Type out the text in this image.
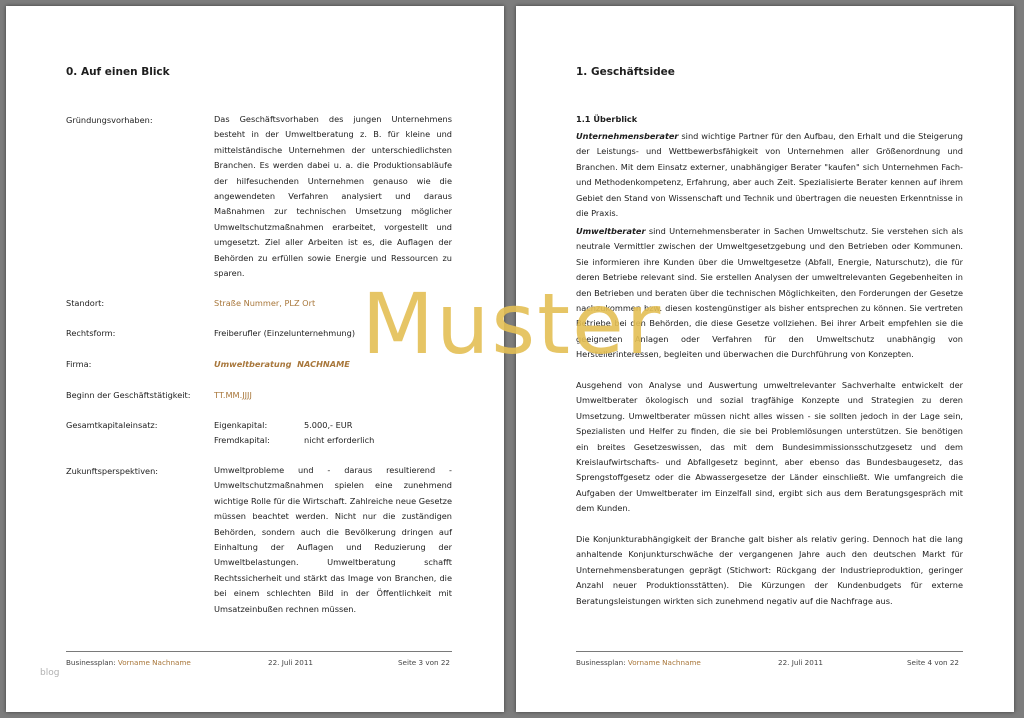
0. Auf einen Blick
Gründungsvorhaben:	Das Geschäftsvorhaben des jungen Unternehmens besteht in der Umweltberatung z. B. für kleine und mittelständische Unternehmen der unterschiedlichsten Branchen. Es werden dabei u. a. die Produktionsabläufe der hilfesuchenden Unternehmen genauso wie die angewendeten Verfahren analysiert und daraus Maßnahmen zur technischen Umsetzung möglicher Umweltschutzmaßnahmen erarbeitet, vorgestellt und umgesetzt. Ziel aller Arbeiten ist es, die Auflagen der Behörden zu erfüllen sowie Energie und Ressourcen zu sparen.
Standort:	Straße Nummer, PLZ Ort
Rechtsform:	Freiberufler (Einzelunternehmung)
Firma:	Umweltberatung  NACHNAME
Beginn der Geschäftstätigkeit:	TT.MM.JJJJ
Gesamtkapitaleinsatz:	Eigenkapital:	5.000,- EUR
Fremdkapital:	nicht erforderlich
Zukunftsperspektiven:	Umweltprobleme und - daraus resultierend - Umweltschutzmaßnahmen spielen eine zunehmend wichtige Rolle für die Wirtschaft. Zahlreiche neue Gesetze müssen beachtet werden. Nicht nur die zuständigen Behörden, sondern auch die Bevölkerung dringen auf Einhaltung der Auflagen und Reduzierung der Umweltbelastungen. Umweltberatung schafft Rechtssicherheit und stärkt das Image von Branchen, die bei einem schlechten Bild in der Öffentlichkeit mit Umsatzeinbußen rechnen müssen.
Businessplan: Vorname Nachname	22. Juli 2011	Seite 3 von 22
1. Geschäftsidee
1.1 Überblick
Unternehmensberater sind wichtige Partner für den Aufbau, den Erhalt und die Steigerung der Leistungs- und Wettbewerbsfähigkeit von Unternehmen aller Größenordnung und Branchen. Mit dem Einsatz externer, unabhängiger Berater "kaufen" sich Unternehmen Fach- und Methodenkompetenz, Erfahrung, aber auch Zeit. Spezialisierte Berater kennen auf ihrem Gebiet den Stand von Wissenschaft und Technik und übertragen die neuesten Erkenntnisse in die Praxis.
Umweltberater sind Unternehmensberater in Sachen Umweltschutz. Sie verstehen sich als neutrale Vermittler zwischen der Umweltgesetzgebung und den Betrieben oder Kommunen. Sie informieren ihre Kunden über die Umweltgesetze (Abfall, Energie, Naturschutz), die für deren Betriebe relevant sind. Sie erstellen Analysen der umweltrelevanten Gegebenheiten in den Betrieben und beraten über die technischen Möglichkeiten, den Forderungen der Gesetze nachzukommen bzw. diesen kostengünstiger als bisher entsprechen zu können. Sie vertreten Betriebe bei den Behörden, die diese Gesetze vollziehen. Bei ihrer Arbeit empfehlen sie die geeigneten Anlagen oder Verfahren für den Umweltschutz unabhängig von Herstellerinteressen, begleiten und überwachen die Durchführung von Konzepten.
Ausgehend von Analyse und Auswertung umweltrelevanter Sachverhalte entwickelt der Umweltberater ökologisch und sozial tragfähige Konzepte und Strategien zu deren Umsetzung. Umweltberater müssen nicht alles wissen - sie sollten jedoch in der Lage sein, Spezialisten und Helfer zu finden, die sie bei Problemlösungen unterstützen. Sie benötigen ein breites Gesetzeswissen, das mit dem Bundesimmissionsschutzgesetz und dem Kreislaufwirtschafts- und Abfallgesetz beginnt, aber ebenso das Bundesbaugesetz, das Sprengstoffgesetz oder die Abwassergesetze der Länder einschließt. Wie umfangreich die Aufgaben der Umweltberater im Einzelfall sind, ergibt sich aus dem Beratungsgespräch mit dem Kunden.
Die Konjunkturabhängigkeit der Branche galt bisher als relativ gering. Dennoch hat die lang anhaltende Konjunkturschwäche der vergangenen Jahre auch den deutschen Markt für Unternehmensberatungen geprägt (Stichwort: Rückgang der Industrieproduktion, geringer Anzahl neuer Produktionsstätten). Die Kürzungen der Kundenbudgets für externe Beratungsleistungen wirkten sich zunehmend negativ auf die Nachfrage aus.
Businessplan: Vorname Nachname	22. Juli 2011	Seite 4 von 22
Muster
blog
